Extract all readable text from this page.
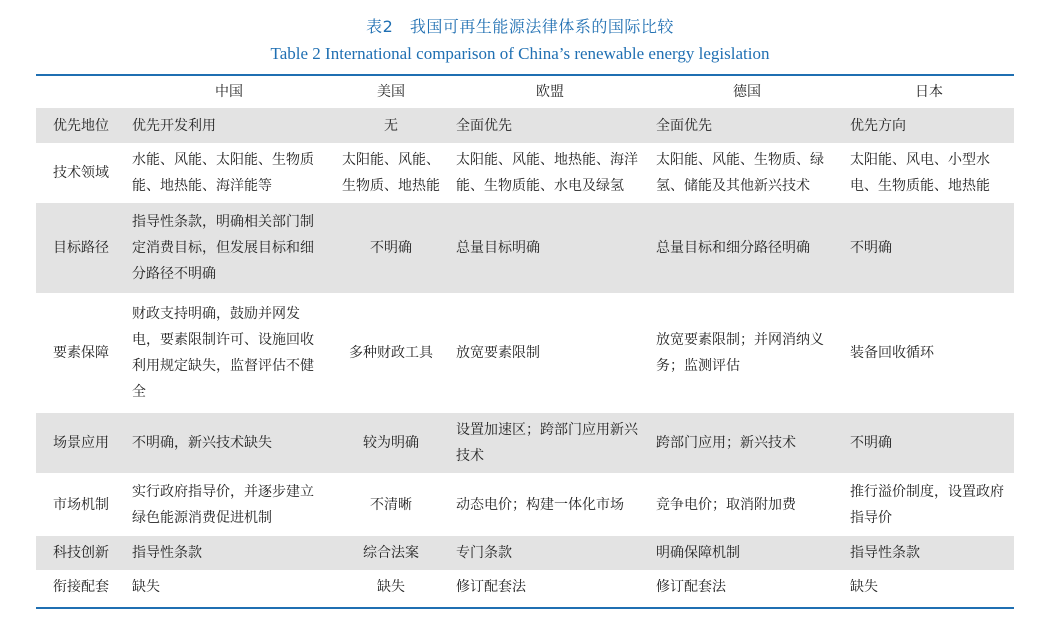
表2　我国可再生能源法律体系的国际比较
Table 2 International comparison of China’s renewable energy legislation
	中国	美国	欧盟	德国	日本
优先地位	优先开发利用	无	全面优先	全面优先	优先方向
技术领域	水能、风能、太阳能、生物质能、地热能、海洋能等	太阳能、风能、生物质、地热能	太阳能、风能、地热能、海洋能、生物质能、水电及绿氢	太阳能、风能、生物质、绿氢、储能及其他新兴技术	太阳能、风电、小型水电、生物质能、地热能
目标路径	指导性条款，明确相关部门制定消费目标，但发展目标和细分路径不明确	不明确	总量目标明确	总量目标和细分路径明确	不明确
要素保障	财政支持明确，鼓励并网发电，要素限制许可、设施回收利用规定缺失，监督评估不健全	多种财政工具	放宽要素限制	放宽要素限制；并网消纳义务；监测评估	装备回收循环
场景应用	不明确，新兴技术缺失	较为明确	设置加速区；跨部门应用新兴技术	跨部门应用；新兴技术	不明确
市场机制	实行政府指导价，并逐步建立绿色能源消费促进机制	不清晰	动态电价；构建一体化市场	竞争电价；取消附加费	推行溢价制度，设置政府指导价
科技创新	指导性条款	综合法案	专门条款	明确保障机制	指导性条款
衔接配套	缺失	缺失	修订配套法	修订配套法	缺失
